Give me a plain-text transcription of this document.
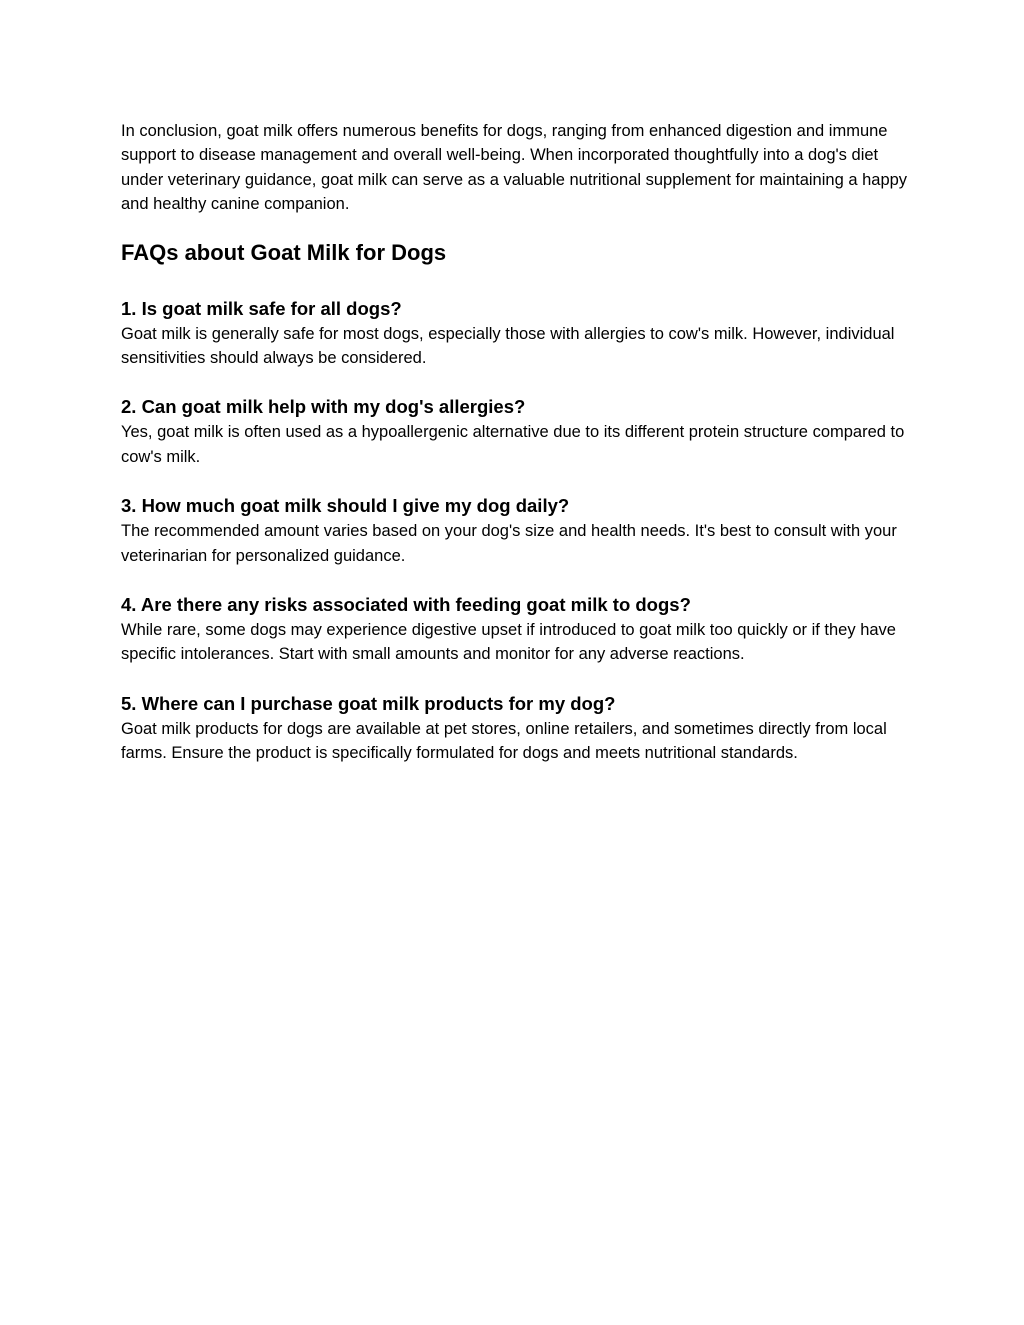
In conclusion, goat milk offers numerous benefits for dogs, ranging from enhanced digestion and immune support to disease management and overall well-being. When incorporated thoughtfully into a dog's diet under veterinary guidance, goat milk can serve as a valuable nutritional supplement for maintaining a happy and healthy canine companion.

FAQs about Goat Milk for Dogs
1. Is goat milk safe for all dogs?
Goat milk is generally safe for most dogs, especially those with allergies to cow's milk. However, individual sensitivities should always be considered.
2. Can goat milk help with my dog's allergies?
Yes, goat milk is often used as a hypoallergenic alternative due to its different protein structure compared to cow's milk.
3. How much goat milk should I give my dog daily?
The recommended amount varies based on your dog's size and health needs. It's best to consult with your veterinarian for personalized guidance.
4. Are there any risks associated with feeding goat milk to dogs?
While rare, some dogs may experience digestive upset if introduced to goat milk too quickly or if they have specific intolerances. Start with small amounts and monitor for any adverse reactions.
5. Where can I purchase goat milk products for my dog?
Goat milk products for dogs are available at pet stores, online retailers, and sometimes directly from local farms. Ensure the product is specifically formulated for dogs and meets nutritional standards.
